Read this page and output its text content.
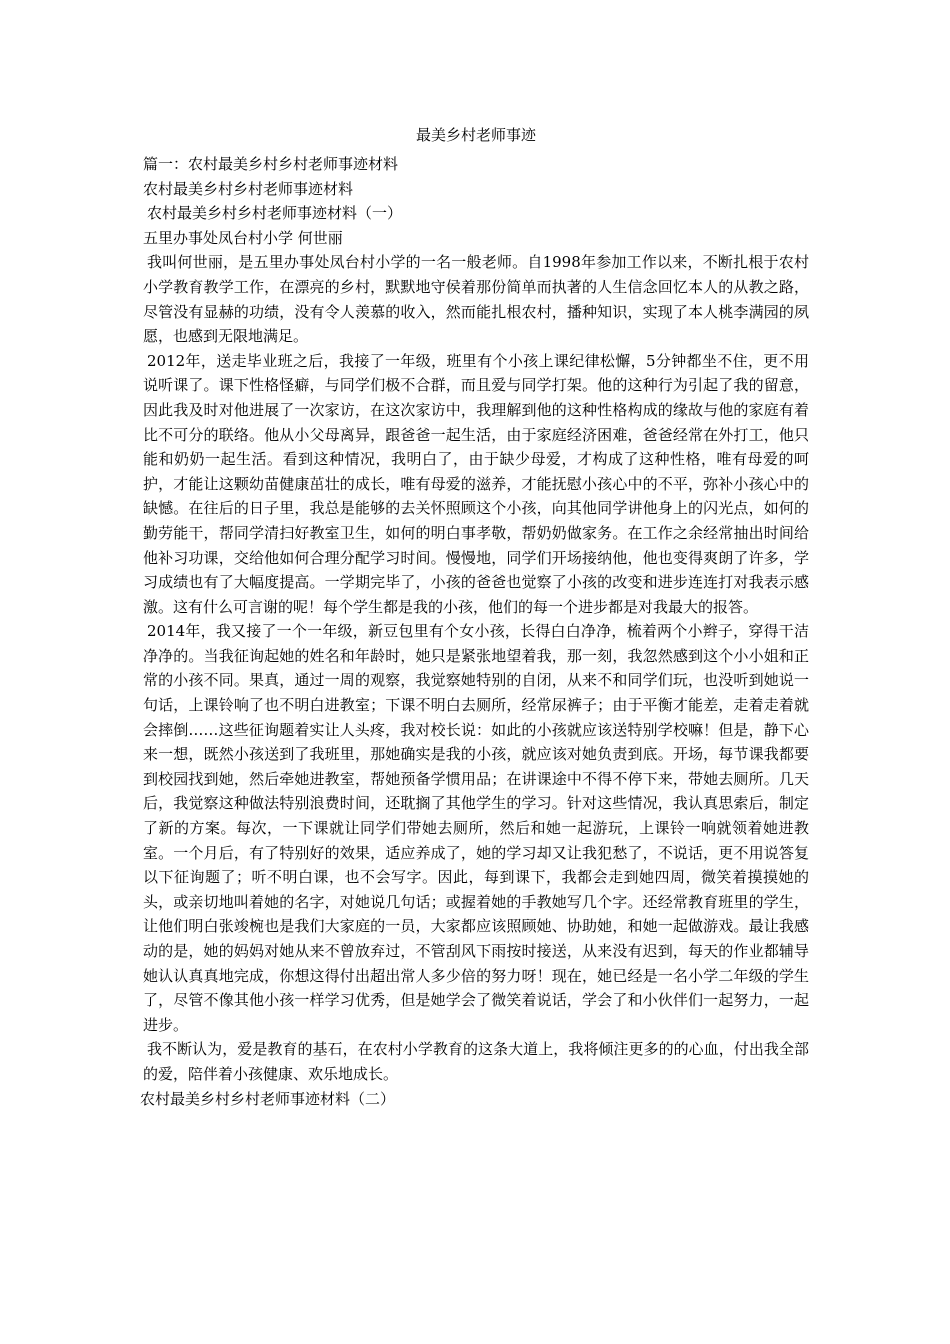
最美乡村老师事迹
篇一：农村最美乡村乡村老师事迹材料
农村最美乡村乡村老师事迹材料
农村最美乡村乡村老师事迹材料（一）
五里办事处凤台村小学 何世丽

我叫何世丽，是五里办事处凤台村小学的一名一般老师。自1998年参加工作以来，不断扎根于农村小学教育教学工作，在漂亮的乡村，默默地守侯着那份简单而执著的人生信念回忆本人的从教之路，尽管没有显赫的功绩，没有令人羡慕的收入，然而能扎根农村，播种知识，实现了本人桃李满园的夙愿，也感到无限地满足。

2012年，送走毕业班之后，我接了一年级，班里有个小孩上课纪律松懈，5分钟都坐不住，更不用说听课了。课下性格怪癖，与同学们极不合群，而且爱与同学打架。他的这种行为引起了我的留意，因此我及时对他进展了一次家访，在这次家访中，我理解到他的这种性格构成的缘故与他的家庭有着比不可分的联络。他从小父母离异，跟爸爸一起生活，由于家庭经济困难，爸爸经常在外打工，他只能和奶奶一起生活。看到这种情况，我明白了，由于缺少母爱，才构成了这种性格，唯有母爱的呵护，才能让这颗幼苗健康茁壮的成长，唯有母爱的滋养，才能抚慰小孩心中的不平，弥补小孩心中的缺憾。在往后的日子里，我总是能够的去关怀照顾这个小孩，向其他同学讲他身上的闪光点，如何的勤劳能干，帮同学清扫好教室卫生，如何的明白事孝敬，帮奶奶做家务。在工作之余经常抽出时间给他补习功课，交给他如何合理分配学习时间。慢慢地，同学们开场接纳他，他也变得爽朗了许多，学习成绩也有了大幅度提高。一学期完毕了，小孩的爸爸也觉察了小孩的改变和进步连连打对我表示感激。这有什么可言谢的呢！每个学生都是我的小孩，他们的每一个进步都是对我最大的报答。

2014年，我又接了一个一年级，新豆包里有个女小孩，长得白白净净，梳着两个小辫子，穿得干洁净净的。当我征询起她的姓名和年龄时，她只是紧张地望着我，那一刻，我忽然感到这个小小姐和正常的小孩不同。果真，通过一周的观察，我觉察她特别的自闭，从来不和同学们玩，也没听到她说一句话，上课铃响了也不明白进教室；下课不明白去厕所，经常尿裤子；由于平衡才能差，走着走着就会摔倒……这些征询题着实让人头疼，我对校长说：如此的小孩就应该送特别学校嘛！但是，静下心来一想，既然小孩送到了我班里，那她确实是我的小孩，就应该对她负责到底。开场，每节课我都要到校园找到她，然后牵她进教室，帮她预备学惯用品；在讲课途中不得不停下来，带她去厕所。几天后，我觉察这种做法特别浪费时间，还耽搁了其他学生的学习。针对这些情况，我认真思索后，制定了新的方案。每次，一下课就让同学们带她去厕所，然后和她一起游玩，上课铃一响就领着她进教室。一个月后，有了特别好的效果，适应养成了，她的学习却又让我犯愁了，不说话，更不用说答复以下征询题了；听不明白课，也不会写字。因此，每到课下，我都会走到她四周，微笑着摸摸她的头，或亲切地叫着她的名字，对她说几句话；或握着她的手教她写几个字。还经常教育班里的学生，让他们明白张竣椀也是我们大家庭的一员，大家都应该照顾她、协助她，和她一起做游戏。最让我感动的是，她的妈妈对她从来不曾放弃过，不管刮风下雨按时接送，从来没有迟到，每天的作业都辅导她认认真真地完成，你想这得付出超出常人多少倍的努力呀！现在，她已经是一名小学二年级的学生了，尽管不像其他小孩一样学习优秀，但是她学会了微笑着说话，学会了和小伙伴们一起努力，一起进步。

我不断认为，爱是教育的基石，在农村小学教育的这条大道上，我将倾注更多的的心血，付出我全部的爱，陪伴着小孩健康、欢乐地成长。

农村最美乡村乡村老师事迹材料（二）
